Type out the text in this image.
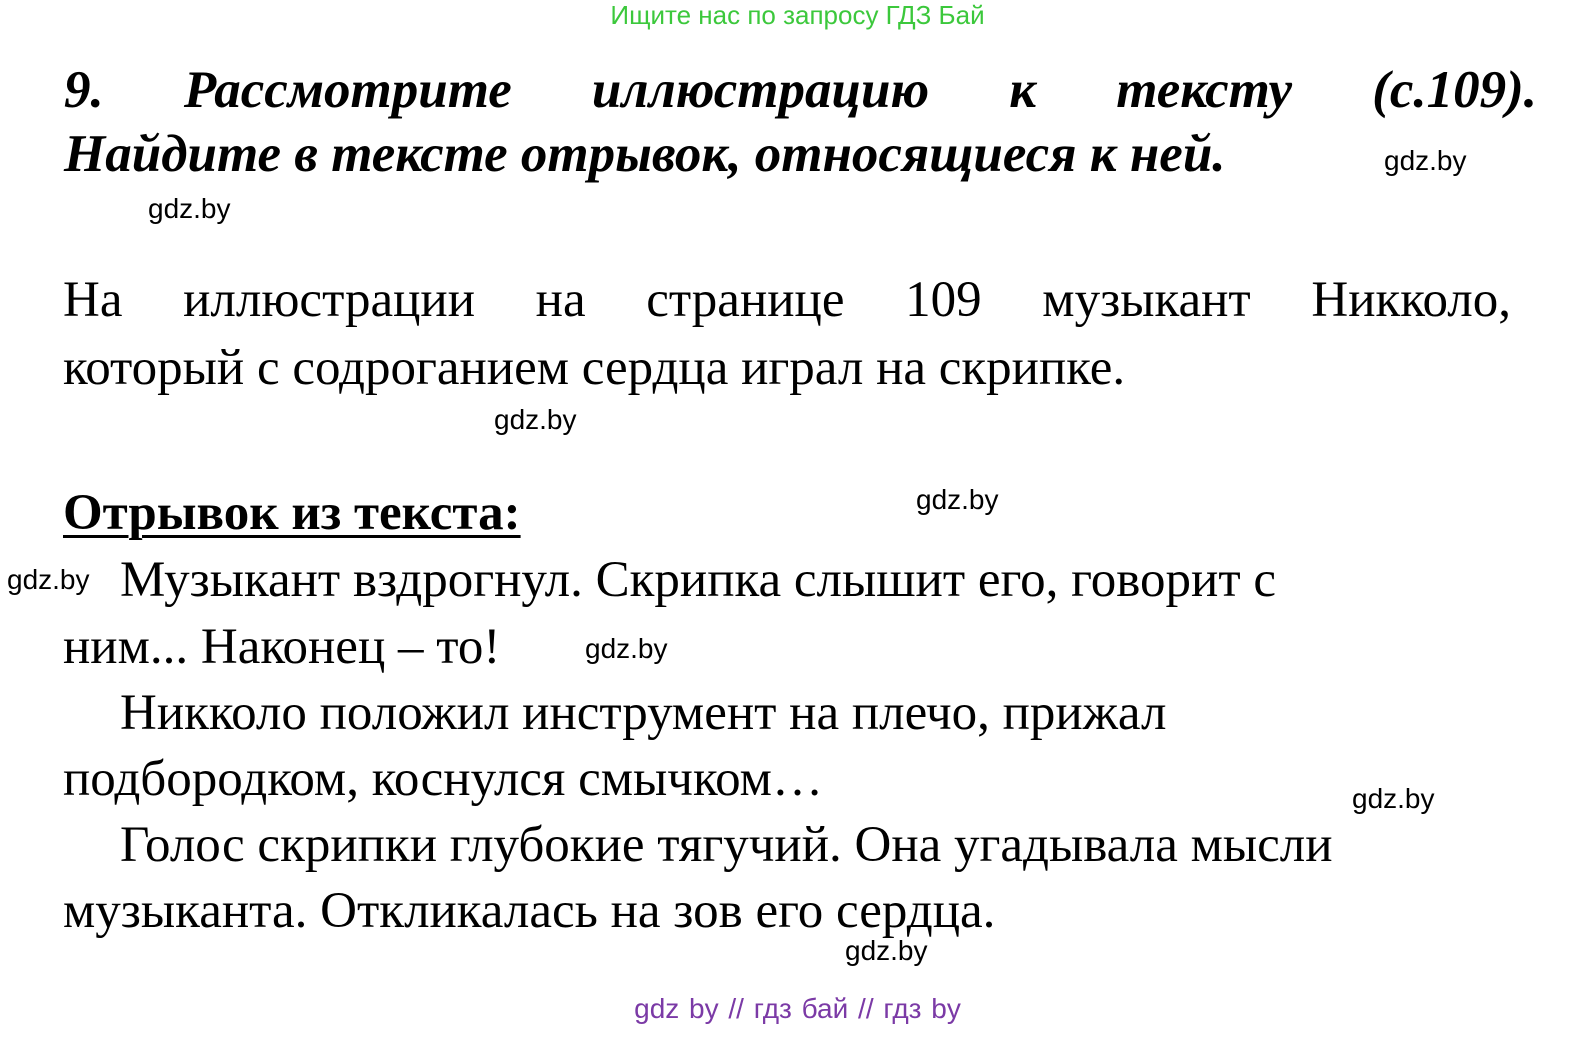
Ищите нас по запросу ГДЗ Бай
9. Рассмотрите иллюстрацию к тексту (с.109).
Найдите в тексте отрывок, относящиеся к ней.
На иллюстрации на странице 109 музыкант Никколо,
который с содроганием сердца играл на скрипке.
Отрывок из текста:
Музыкант вздрогнул. Скрипка слышит его, говорит с
ним... Наконец – то!
Никколо положил инструмент на плечо, прижал
подбородком, коснулся смычком…
Голос скрипки глубокие тягучий. Она угадывала мысли
музыканта. Откликалась на зов его сердца.
gdz.by
gdz.by
gdz.by
gdz.by
gdz.by
gdz.by
gdz.by
gdz.by
gdz by // гдз бай // гдз by
